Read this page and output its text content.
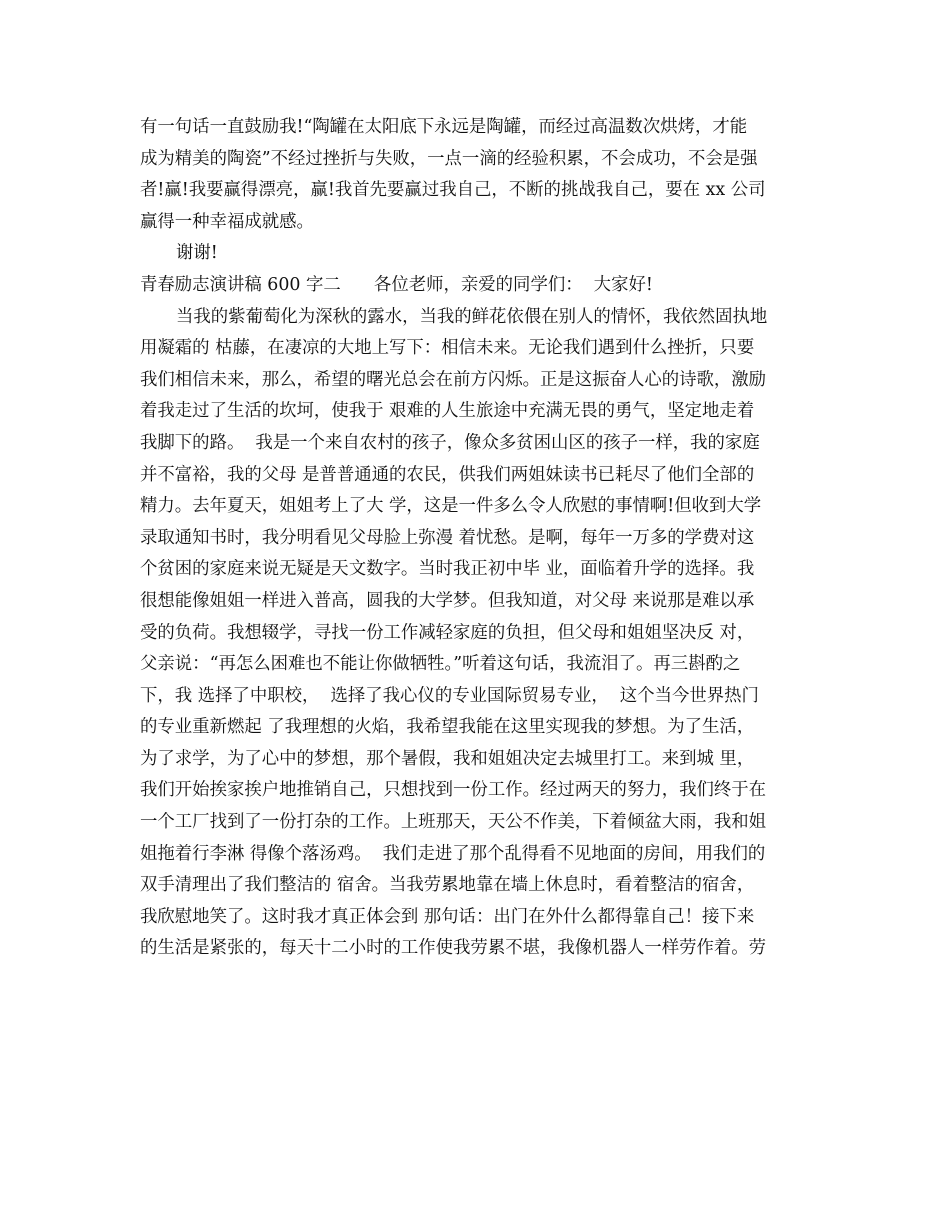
有一句话一直鼓励我!“陶罐在太阳底下永远是陶罐，而经过高温数次烘烤，才能
成为精美的陶瓷”不经过挫折与失败，一点一滴的经验积累，不会成功，不会是强
者!赢!我要赢得漂亮，赢!我首先要赢过我自己，不断的挑战我自己，要在 xx 公司
赢得一种幸福成就感。
谢谢!
青春励志演讲稿 600 字二      各位老师，亲爱的同学们：  大家好!
当我的紫葡萄化为深秋的露水，当我的鲜花依偎在别人的情怀，我依然固执地
用凝霜的 枯藤，在凄凉的大地上写下：相信未来。无论我们遇到什么挫折，只要
我们相信未来，那么，希望的曙光总会在前方闪烁。正是这振奋人心的诗歌，激励
着我走过了生活的坎坷，使我于 艰难的人生旅途中充满无畏的勇气，坚定地走着
我脚下的路。  我是一个来自农村的孩子，像众多贫困山区的孩子一样，我的家庭
并不富裕，我的父母 是普普通通的农民，供我们两姐妹读书已耗尽了他们全部的
精力。去年夏天，姐姐考上了大 学，这是一件多么令人欣慰的事情啊!但收到大学
录取通知书时，我分明看见父母脸上弥漫 着忧愁。是啊，每年一万多的学费对这
个贫困的家庭来说无疑是天文数字。当时我正初中毕 业，面临着升学的选择。我
很想能像姐姐一样进入普高，圆我的大学梦。但我知道，对父母 来说那是难以承
受的负荷。我想辍学，寻找一份工作减轻家庭的负担，但父母和姐姐坚决反 对，
父亲说：“再怎么困难也不能让你做牺牲。”听着这句话，我流泪了。再三斟酌之
下，我 选择了中职校，  选择了我心仪的专业国际贸易专业，  这个当今世界热门
的专业重新燃起 了我理想的火焰，我希望我能在这里实现我的梦想。为了生活，
为了求学，为了心中的梦想，那个暑假，我和姐姐决定去城里打工。来到城 里，
我们开始挨家挨户地推销自己，只想找到一份工作。经过两天的努力，我们终于在
一个工厂找到了一份打杂的工作。上班那天，天公不作美，下着倾盆大雨，我和姐
姐拖着行李淋 得像个落汤鸡。  我们走进了那个乱得看不见地面的房间，用我们的
双手清理出了我们整洁的 宿舍。当我劳累地靠在墙上休息时，看着整洁的宿舍，
我欣慰地笑了。这时我才真正体会到 那句话：出门在外什么都得靠自己！接下来
的生活是紧张的，每天十二小时的工作使我劳累不堪，我像机器人一样劳作着。劳
